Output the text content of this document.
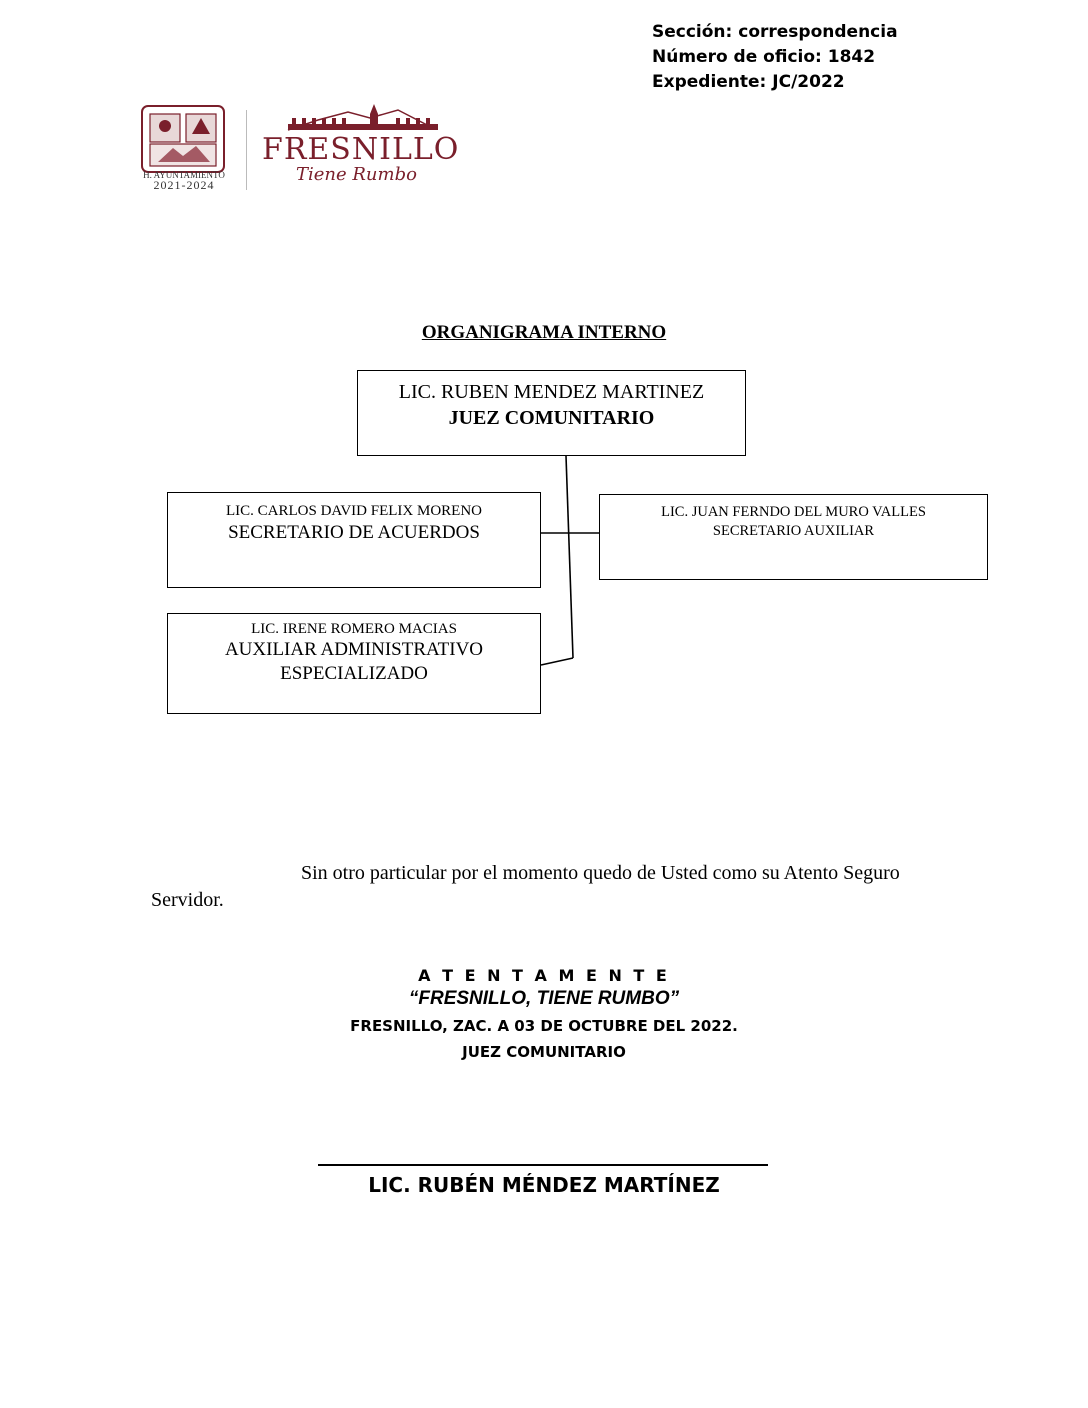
Sección: correspondencia
Número de oficio: 1842
Expediente: JC/2022
H. AYUNTAMIENTO
2021-2024
FRESNILLO
Tiene Rumbo
ORGANIGRAMA INTERNO
LIC. RUBEN MENDEZ MARTINEZ
JUEZ COMUNITARIO
LIC. CARLOS DAVID FELIX MORENO
SECRETARIO DE ACUERDOS
LIC. JUAN FERNDO DEL MURO VALLES
SECRETARIO AUXILIAR
LIC. IRENE ROMERO MACIAS
AUXILIAR ADMINISTRATIVO
ESPECIALIZADO
Sin otro particular por el momento quedo de Usted como su Atento Seguro
Servidor.
A T E N T A M E N T E
“FRESNILLO, TIENE RUMBO”
FRESNILLO, ZAC. A 03 DE OCTUBRE DEL 2022.
JUEZ COMUNITARIO
LIC. RUBÉN MÉNDEZ MARTÍNEZ
